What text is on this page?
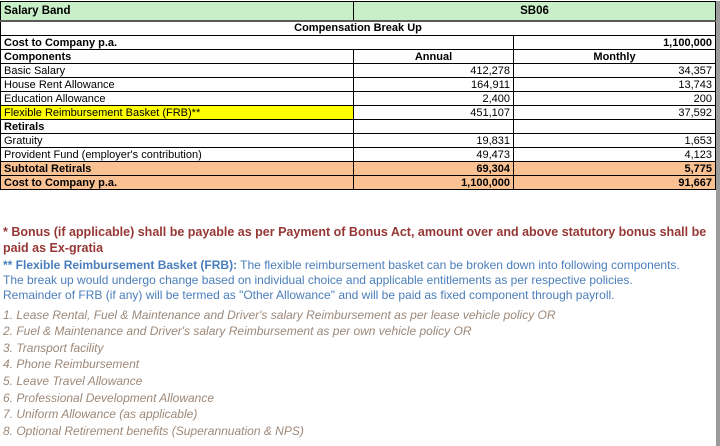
Salary Band	SB06	
Compensation Break Up		
Cost to Company p.a.		1,100,000
Components	Annual	Monthly
Basic Salary	412,278	34,357
House Rent Allowance	164,911	13,743
Education Allowance	2,400	200
Flexible Reimbursement Basket (FRB)**	451,107	37,592
Retirals		
Gratuity	19,831	1,653
Provident Fund (employer's contribution)	49,473	4,123
Subtotal Retirals	69,304	5,775
Cost to Company p.a.	1,100,000	91,667
* Bonus (if applicable) shall be payable as per Payment of Bonus Act, amount over and above statutory bonus shall be paid as Ex-gratia
** Flexible Reimbursement Basket (FRB): The flexible reimbursement basket can be broken down into following components.
The break up would undergo change based on individual choice and applicable entitlements as per respective policies.
Remainder of FRB (if any) will be termed as "Other Allowance" and will be paid as fixed component through payroll.
1. Lease Rental, Fuel & Maintenance and Driver's salary Reimbursement as per lease vehicle policy OR
2. Fuel & Maintenance and Driver's salary Reimbursement as per own vehicle policy OR
3. Transport facility
4. Phone Reimbursement
5. Leave Travel Allowance
6. Professional Development Allowance
7. Uniform Allowance (as applicable)
8. Optional Retirement benefits (Superannuation & NPS)
